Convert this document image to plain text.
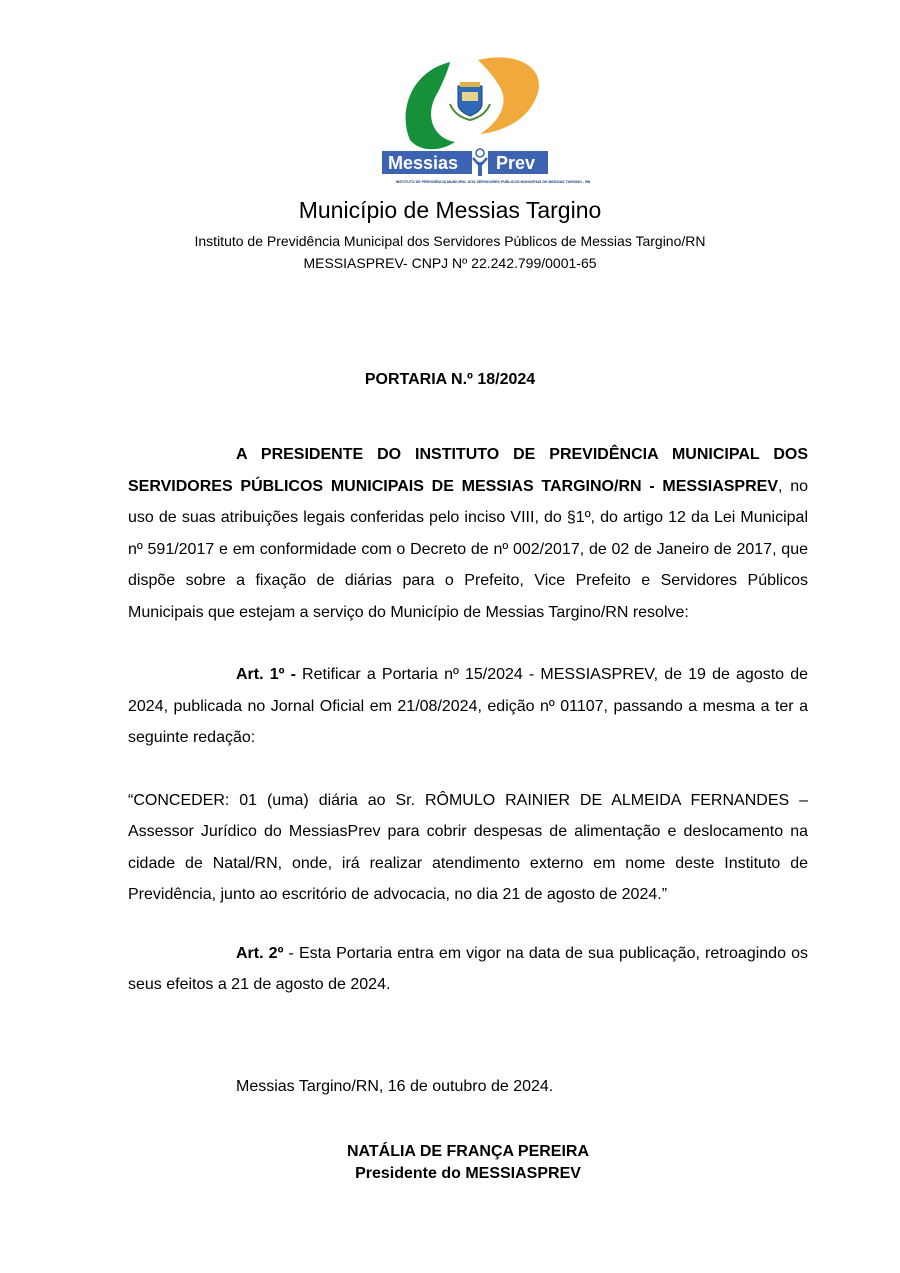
Messias Prev
INSTITUTO DE PREVIDÊNCIA MUNICIPAL DOS SERVIDORES PÚBLICOS MUNICIPAIS DE MESSIAS TARGINO - RN
Município de Messias Targino
Instituto de Previdência Municipal dos Servidores Públicos de Messias Targino/RN
MESSIASPREV- CNPJ Nº 22.242.799/0001-65
PORTARIA N.º 18/2024

A PRESIDENTE DO INSTITUTO DE PREVIDÊNCIA MUNICIPAL DOS SERVIDORES PÚBLICOS MUNICIPAIS DE MESSIAS TARGINO/RN - MESSIASPREV, no uso de suas atribuições legais conferidas pelo inciso VIII, do §1º, do artigo 12 da Lei Municipal nº 591/2017 e em conformidade com o Decreto de nº 002/2017, de 02 de Janeiro de 2017, que dispõe sobre a fixação de diárias para o Prefeito, Vice Prefeito e Servidores Públicos Municipais que estejam a serviço do Município de Messias Targino/RN resolve:

Art. 1º - Retificar a Portaria nº 15/2024 - MESSIASPREV, de 19 de agosto de 2024, publicada no Jornal Oficial em 21/08/2024, edição nº 01107, passando a mesma a ter a seguinte redação:

“CONCEDER: 01 (uma) diária ao Sr. RÔMULO RAINIER DE ALMEIDA FERNANDES – Assessor Jurídico do MessiasPrev para cobrir despesas de alimentação e deslocamento na cidade de Natal/RN, onde, irá realizar atendimento externo em nome deste Instituto de Previdência, junto ao escritório de advocacia, no dia 21 de agosto de 2024.”

Art. 2º - Esta Portaria entra em vigor na data de sua publicação, retroagindo os seus efeitos a 21 de agosto de 2024.

Messias Targino/RN, 16 de outubro de 2024.
NATÁLIA DE FRANÇA PEREIRA
Presidente do MESSIASPREV
